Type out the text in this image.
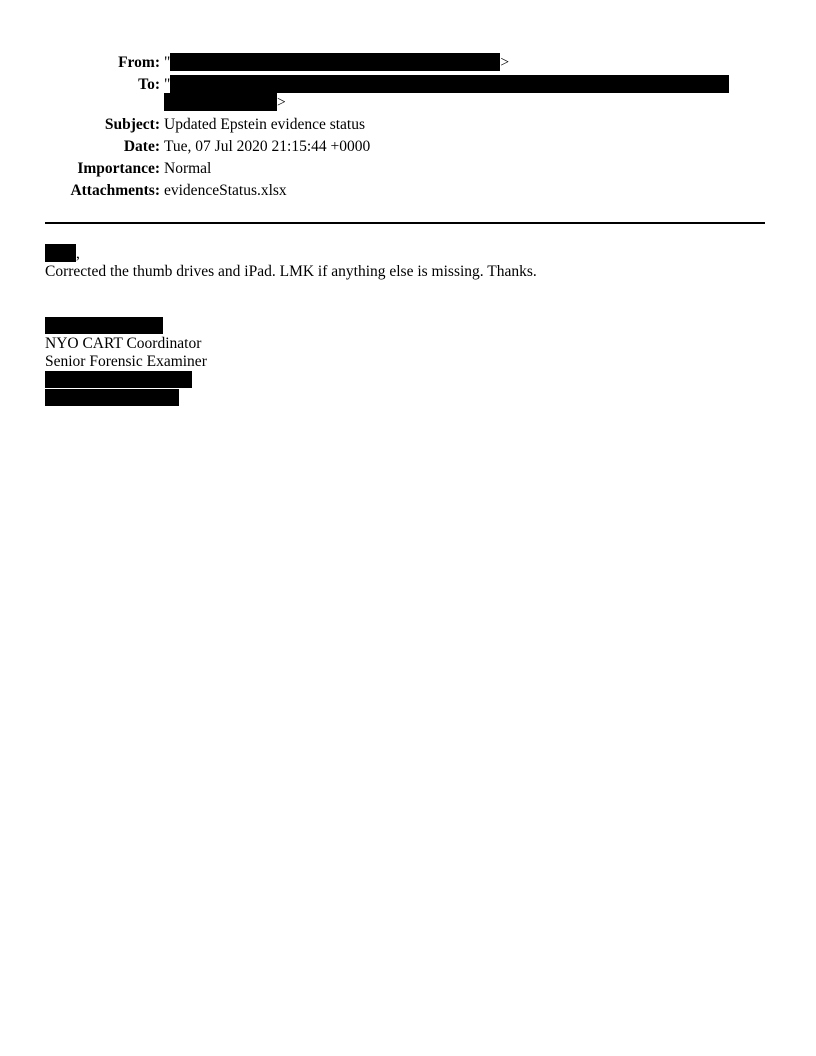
From: "	>
To: "
>
Subject: Updated Epstein evidence status
Date: Tue, 07 Jul 2020 21:15:44 +0000
Importance: Normal
Attachments: evidenceStatus.xlsx
,
Corrected the thumb drives and iPad. LMK if anything else is missing. Thanks.
NYO CART Coordinator
Senior Forensic Examiner
